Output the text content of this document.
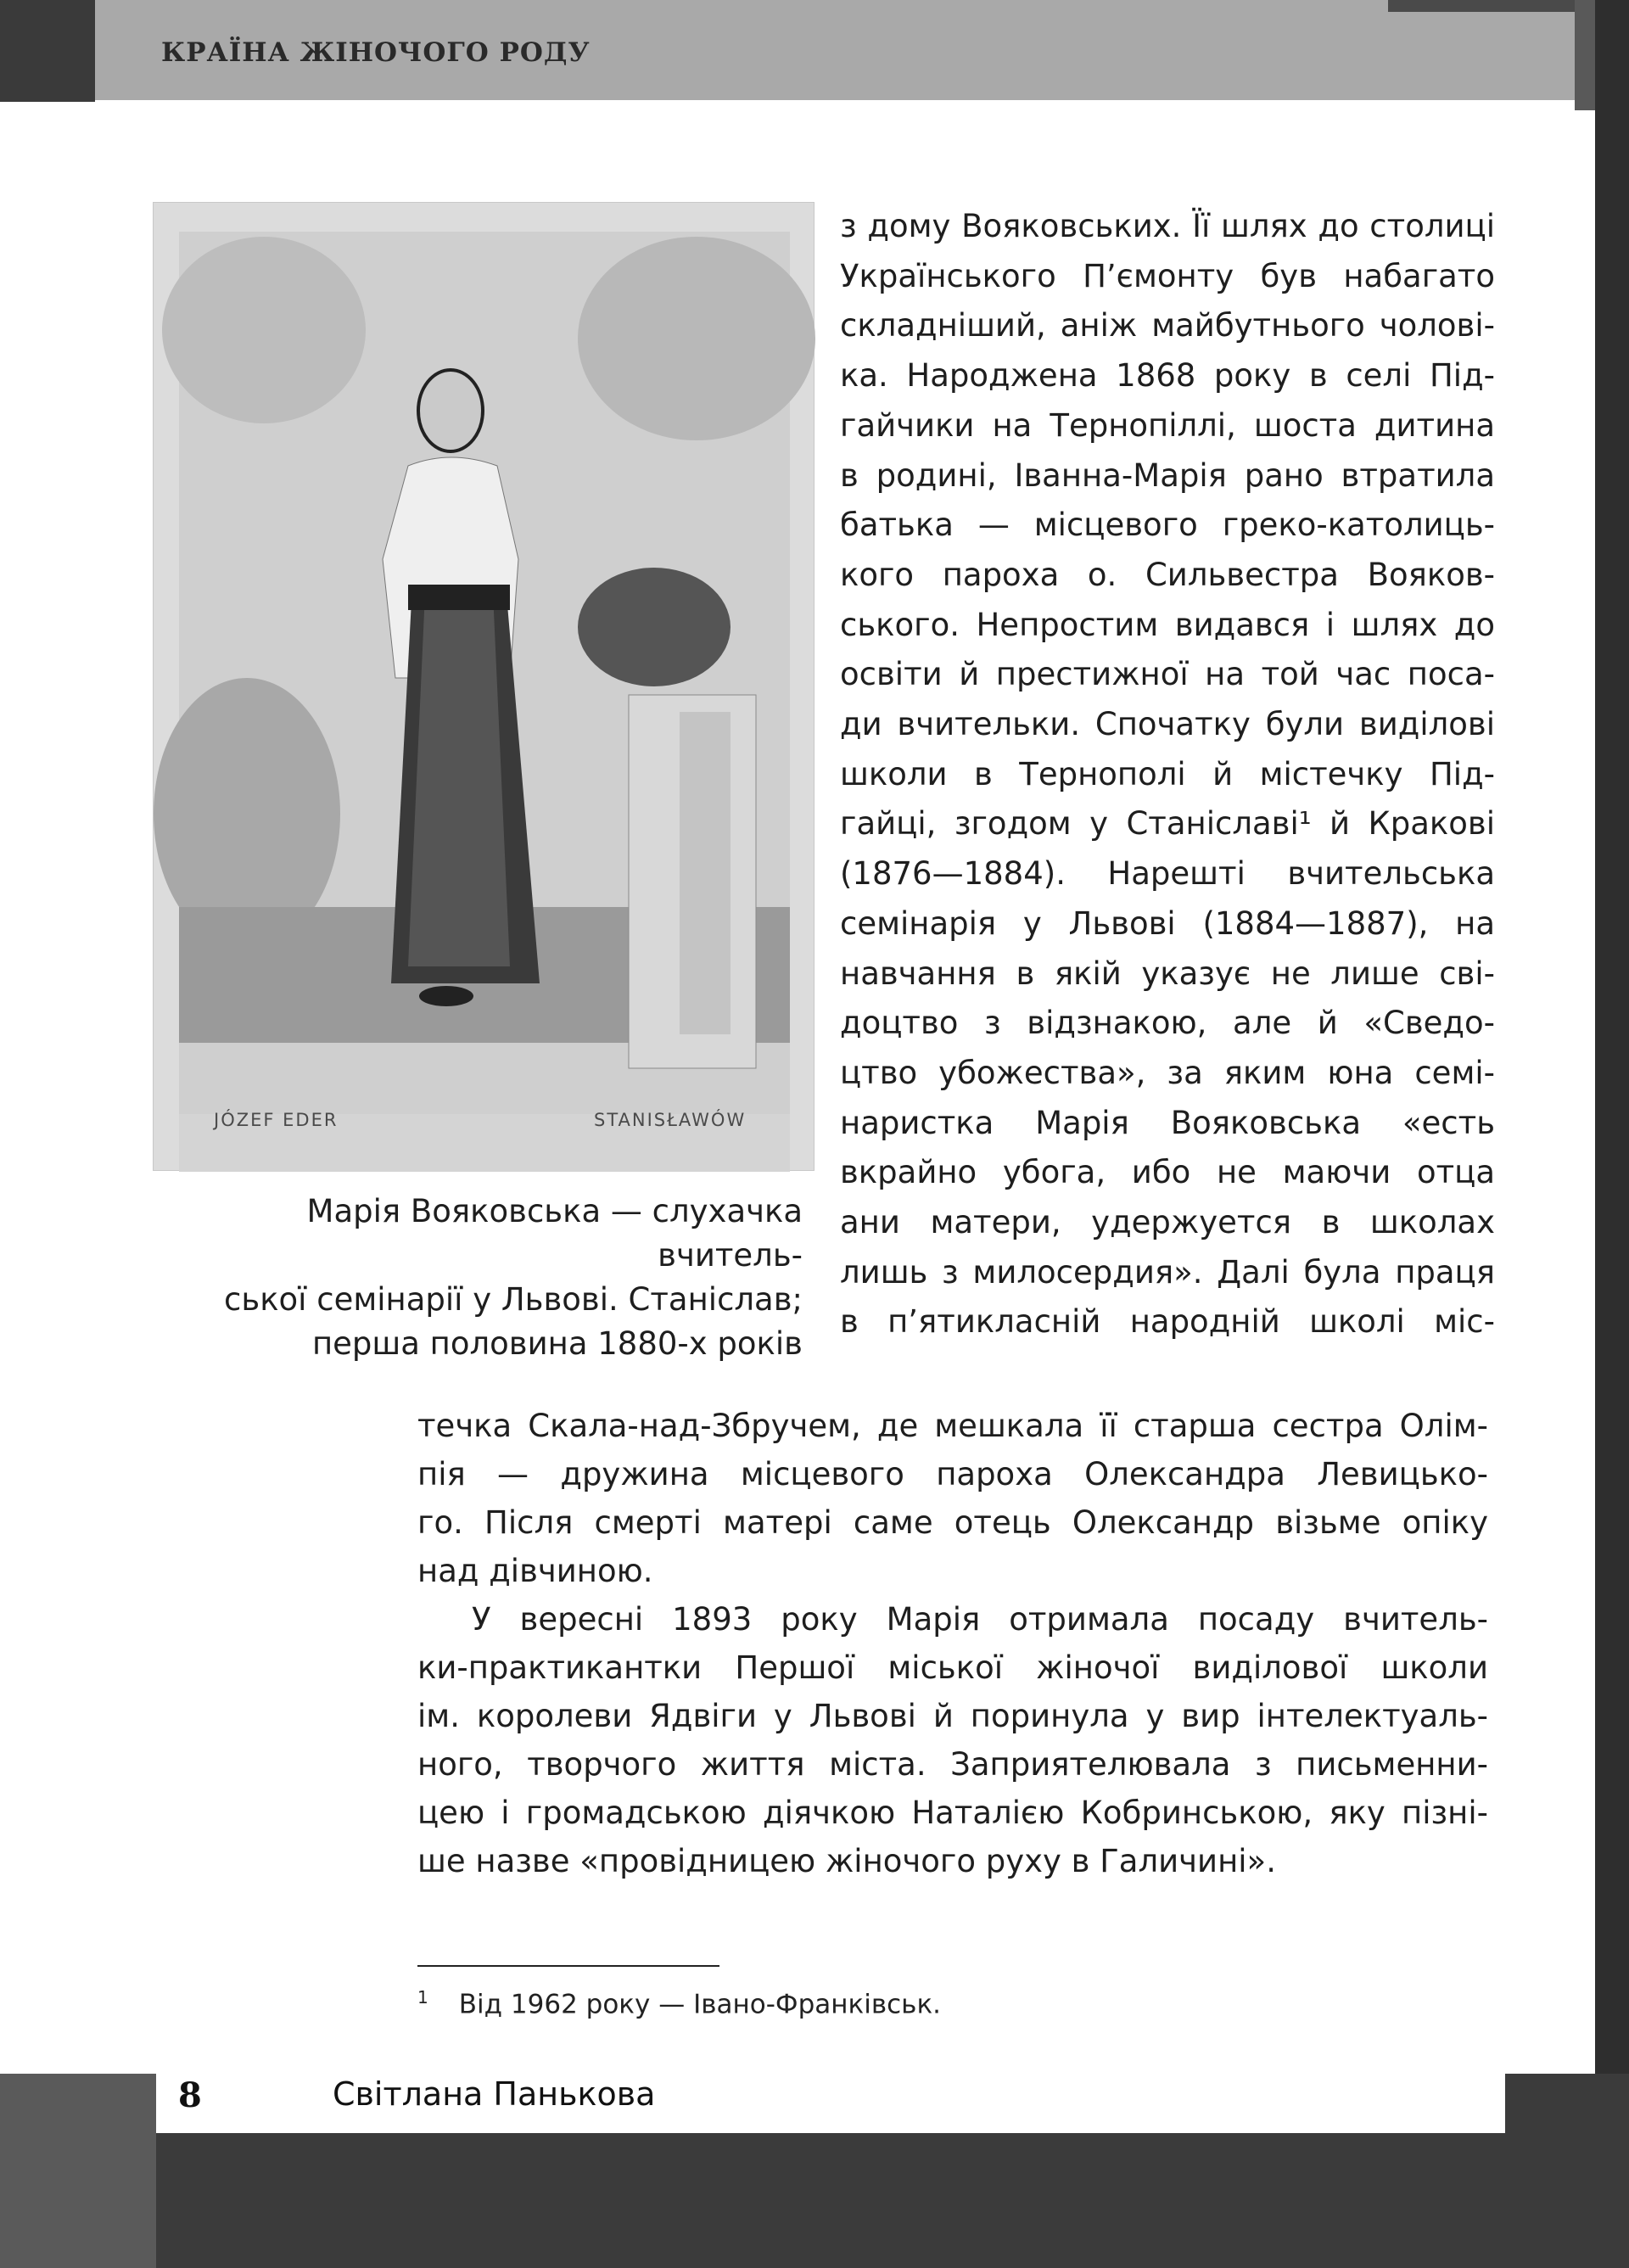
КРАЇНА ЖІНОЧОГО РОДУ
JÓZEF EDER	STANISŁAWÓW
Марія Вояковська — слухачка вчитель-
ської семінарії у Львові. Станіслав;
перша половина 1880-х років
з дому Вояковських. Її шлях до столиці
Українського П’ємонту був набагато
складніший, аніж майбутнього чолові-
ка. Народжена 1868 року в селі Під-
гайчики на Тернопіллі, шоста дитина
в родині, Іванна-Марія рано втратила
батька — місцевого греко-католиць-
кого пароха о. Сильвестра Вояков-
ського. Непростим видався і шлях до
освіти й престижної на той час поса-
ди вчительки. Спочатку були виділові
школи в Тернополі й містечку Під-
гайці, згодом у Станіславі¹ й Кракові
(1876—1884). Нарешті вчительська
семінарія у Львові (1884—1887), на
навчання в якій указує не лише сві-
доцтво з відзнакою, але й «Сведо-
цтво убожества», за яким юна семі-
наристка Марія Вояковська «есть
вкрайно убога, ибо не маючи отца
ани матери, удержуется в школах
лишь з милосердия». Далі була праця
в п’ятикласній народній школі міс-
течка Скала-над-Збручем, де мешкала її старша сестра Олім-
пія — дружина місцевого пароха Олександра Левицько-
го. Після смерті матері саме отець Олександр візьме опіку
над дівчиною.
У вересні 1893 року Марія отримала посаду вчитель-
ки-практикантки Першої міської жіночої виділової школи
ім. королеви Ядвіги у Львові й поринула у вир інтелектуаль-
ного, творчого життя міста. Заприятелювала з письменни-
цею і громадською діячкою Наталією Кобринською, яку пізні-
ше назве «провідницею жіночого руху в Галичині».
$^1$ Від 1962 року — Івано-Франківськ.
8	Світлана Панькова
